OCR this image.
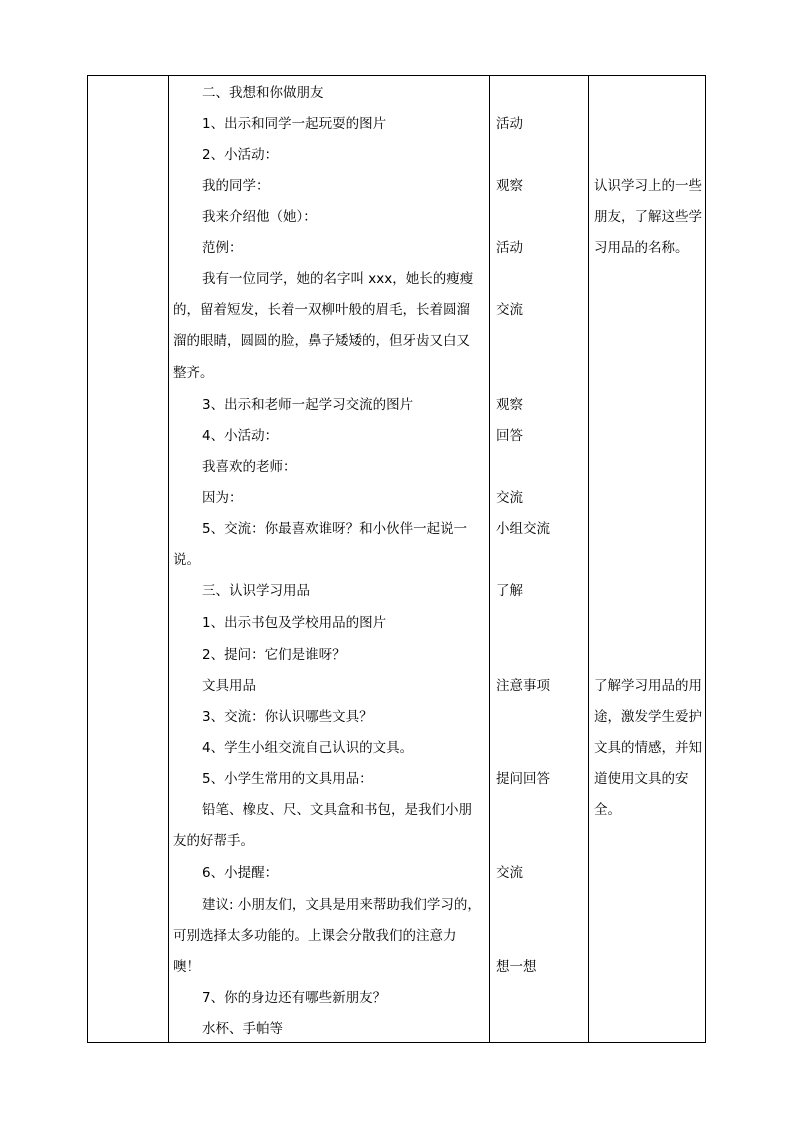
二、我想和你做朋友
1、出示和同学一起玩耍的图片
2、小活动：
我的同学：
我来介绍他（她）：
范例：
我有一位同学，她的名字叫 xxx，她长的瘦瘦
的，留着短发，长着一双柳叶般的眉毛，长着圆溜
溜的眼睛，圆圆的脸，鼻子矮矮的，但牙齿又白又
整齐。
3、出示和老师一起学习交流的图片
4、小活动：
我喜欢的老师：
因为：
5、交流：你最喜欢谁呀？和小伙伴一起说一
说。
三、认识学习用品
1、出示书包及学校用品的图片
2、提问：它们是谁呀？
文具用品
3、交流：你认识哪些文具？
4、学生小组交流自己认识的文具。
5、小学生常用的文具用品：
铅笔、橡皮、尺、文具盒和书包，是我们小朋
友的好帮手。
6、小提醒：
建议: 小朋友们，文具是用来帮助我们学习的，
可别选择太多功能的。上课会分散我们的注意力
噢！
7、你的身边还有哪些新朋友？
水杯、手帕等
活动
观察
活动
交流
观察
回答
交流
小组交流
了解
注意事项
提问回答
交流
想一想
认识学习上的一些朋友，了解这些学习用品的名称。
了解学习用品的用途，激发学生爱护文具的情感，并知道使用文具的安全。
